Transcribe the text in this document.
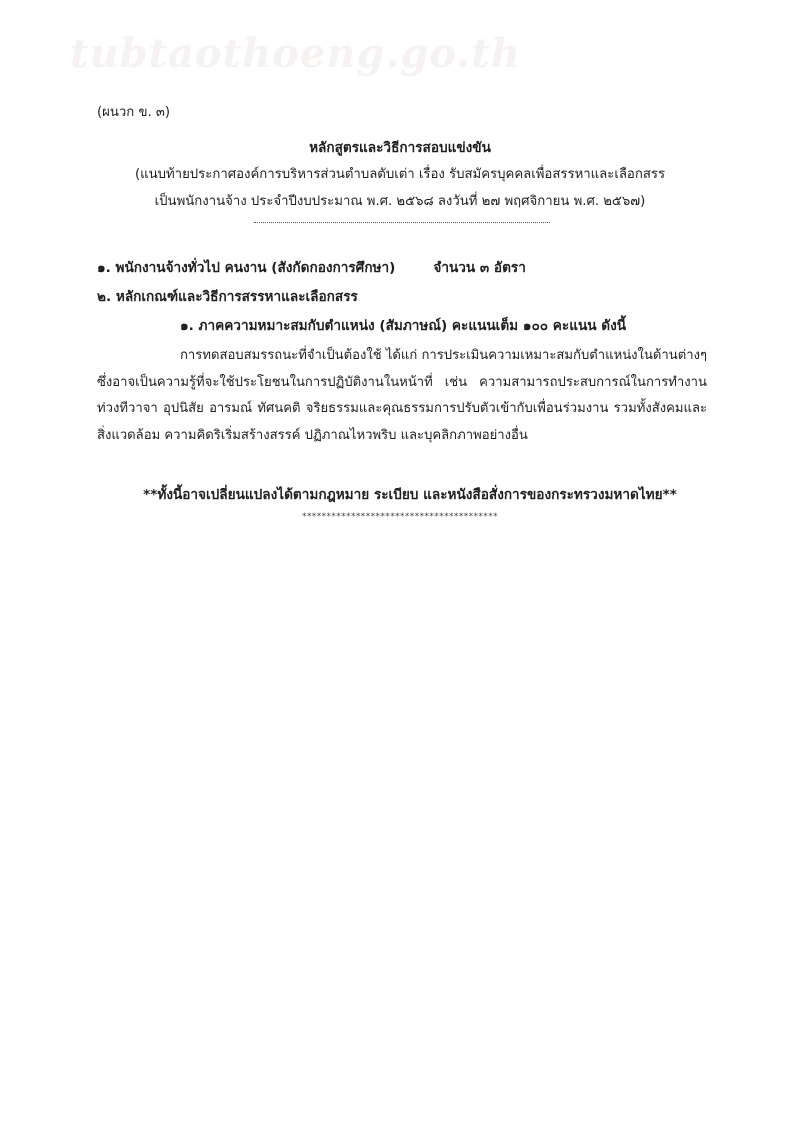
tubtaothoeng.go.th
(ผนวก ข. ๓)
หลักสูตรและวิธีการสอบแข่งขัน
(แนบท้ายประกาศองค์การบริหารส่วนตำบลตับเต่า เรื่อง รับสมัครบุคคลเพื่อสรรหาและเลือกสรร
เป็นพนักงานจ้าง ประจำปีงบประมาณ พ.ศ. ๒๕๖๘ ลงวันที่ ๒๗ พฤศจิกายน พ.ศ. ๒๕๖๗)
๑. พนักงานจ้างทั่วไป คนงาน (สังกัดกองการศึกษา)	จำนวน ๓ อัตรา
๒. หลักเกณฑ์และวิธีการสรรหาและเลือกสรร
๑. ภาคความหมาะสมกับตำแหน่ง (สัมภาษณ์) คะแนนเต็ม ๑๐๐ คะแนน ดังนี้
การทดสอบสมรรถนะที่จำเป็นต้องใช้ ได้แก่ การประเมินความเหมาะสมกับตำแหน่งในด้านต่างๆ ซึ่งอาจเป็นความรู้ที่จะใช้ประโยชนในการปฏิบัติงานในหน้าที่ เช่น ความสามารถประสบการณ์ในการทำงาน ท่วงทีวาจา อุปนิสัย อารมณ์ ทัศนคติ จริยธรรมและคุณธรรมการปรับตัวเข้ากับเพื่อนร่วมงาน รวมทั้งสังคมและสิ่งแวดล้อม ความคิดริเริ่มสร้างสรรค์ ปฏิภาณไหวพริบ และบุคลิกภาพอย่างอื่น
**ทั้งนี้อาจเปลี่ยนแปลงได้ตามกฎหมาย ระเบียบ และหนังสือสั่งการของกระทรวงมหาดไทย**
****************************************
